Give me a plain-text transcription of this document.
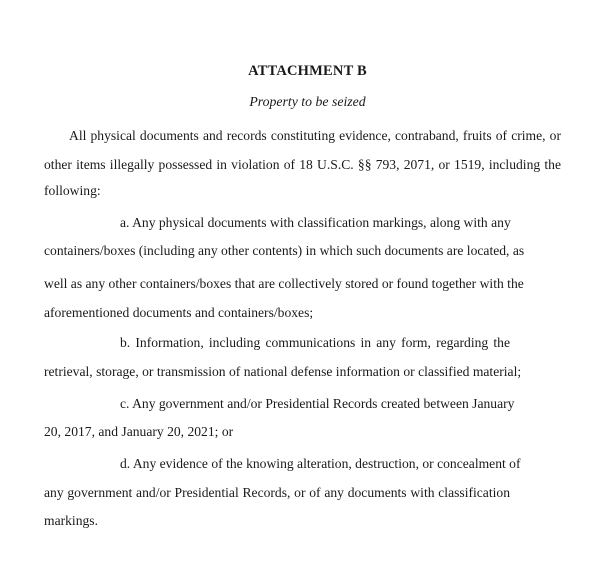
ATTACHMENT B
Property to be seized
All physical documents and records constituting evidence, contraband, fruits of crime, or
other items illegally possessed in violation of 18 U.S.C. §§ 793, 2071, or 1519, including the
following:
a. Any physical documents with classification markings, along with any
containers/boxes (including any other contents) in which such documents are located, as
well as any other containers/boxes that are collectively stored or found together with the
aforementioned documents and containers/boxes;
b. Information, including communications in any form, regarding the
retrieval, storage, or transmission of national defense information or classified material;
c. Any government and/or Presidential Records created between January
20, 2017, and January 20, 2021; or
d. Any evidence of the knowing alteration, destruction, or concealment of
any government and/or Presidential Records, or of any documents with classification
markings.
